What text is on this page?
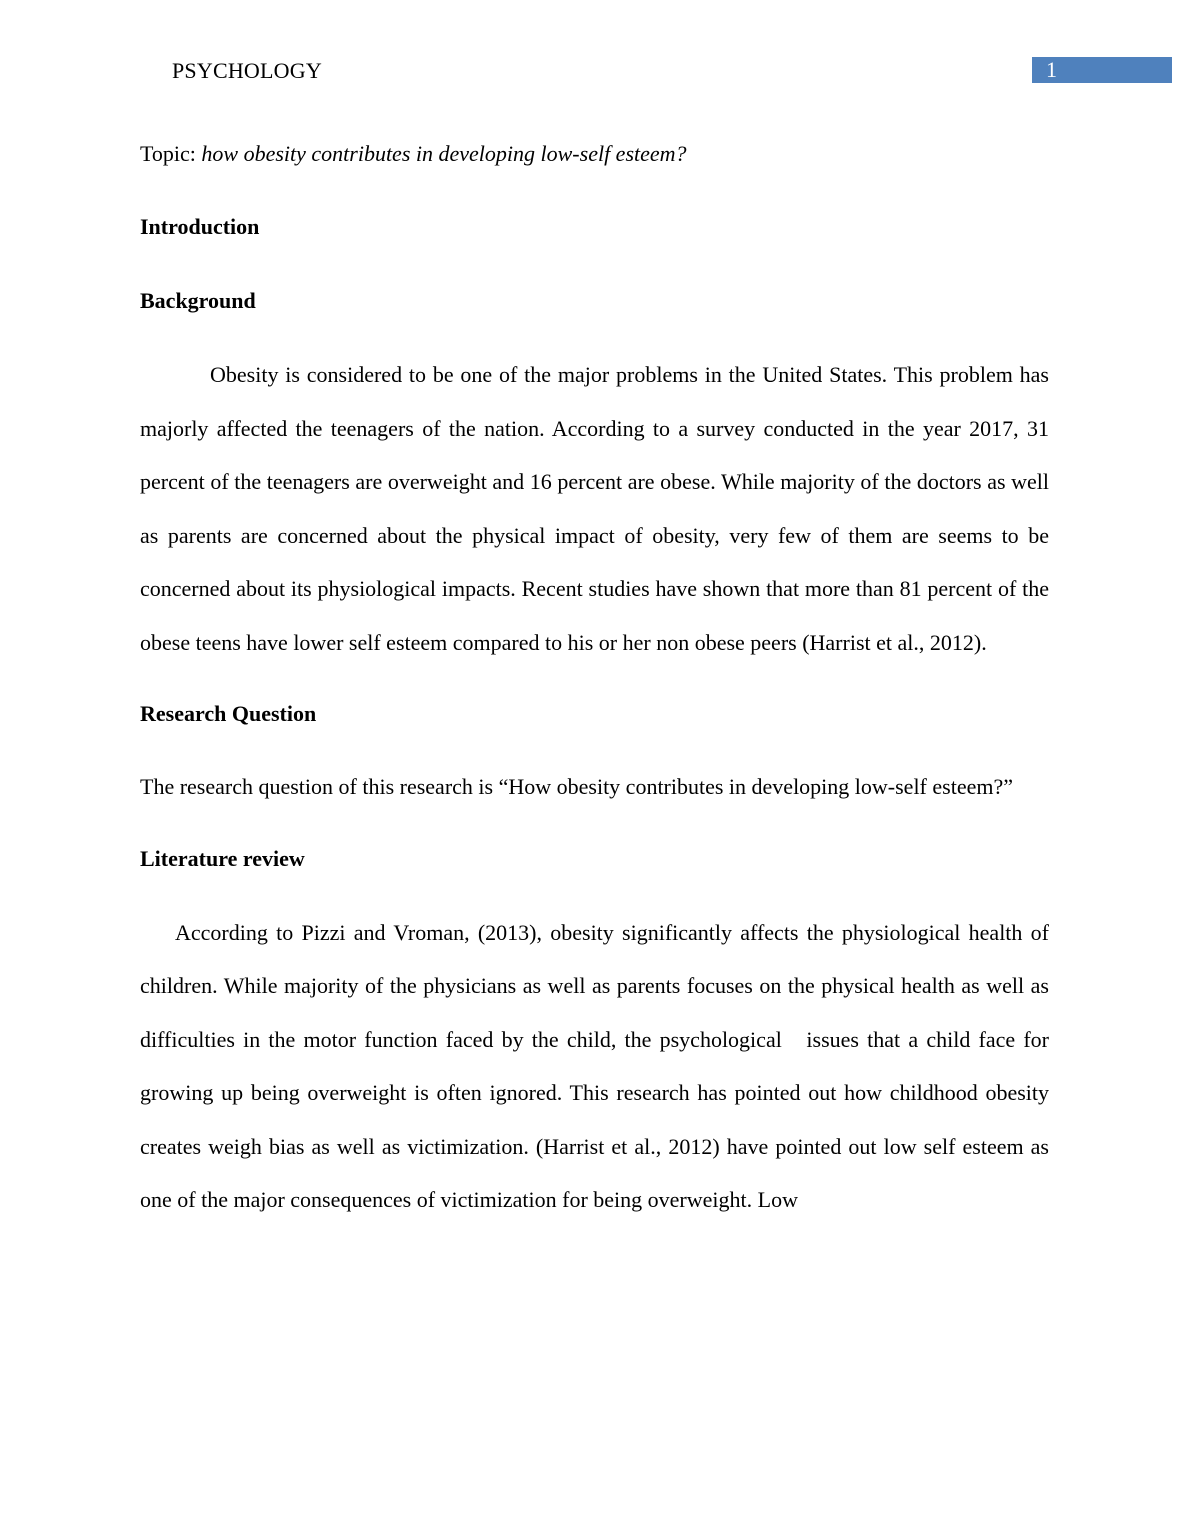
PSYCHOLOGY	1

Topic: how obesity contributes in developing low-self esteem?

Introduction
Background

Obesity is considered to be one of the major problems in the United States. This problem has majorly affected the teenagers of the nation. According to a survey conducted in the year 2017, 31 percent of the teenagers are overweight and 16 percent are obese. While majority of the doctors as well as parents are concerned about the physical impact of obesity, very few of them are seems to be concerned about its physiological impacts. Recent studies have shown that more than 81 percent of the obese teens have lower self esteem compared to his or her non obese peers (Harrist et al., 2012).

Research Question

The research question of this research is “How obesity contributes in developing low-self esteem?”

Literature review

According to Pizzi and Vroman, (2013), obesity significantly affects the physiological health of children. While majority of the physicians as well as parents focuses on the physical health as well as difficulties in the motor function faced by the child, the psychological   issues that a child face for growing up being overweight is often ignored. This research has pointed out how childhood obesity creates weigh bias as well as victimization. (Harrist et al., 2012) have pointed out low self esteem as one of the major consequences of victimization for being overweight. Low
